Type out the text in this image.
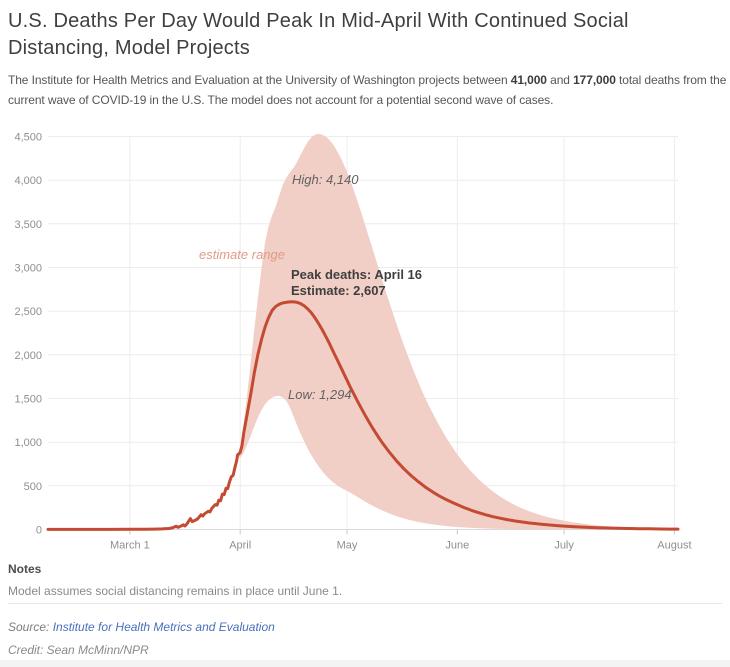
U.S. Deaths Per Day Would Peak In Mid-April With Continued Social Distancing, Model Projects

The Institute for Health Metrics and Evaluation at the University of Washington projects between 41,000 and 177,000 total deaths from the current wave of COVID-19 in the U.S. The model does not account for a potential second wave of cases.

0
500
1,000
1,500
2,000
2,500
3,000
3,500
4,000
4,500
March 1	April	May	June	July	August
High: 4,140
estimate range
Peak deaths: April 16
Estimate: 2,607
Low: 1,294
Notes
Model assumes social distancing remains in place until June 1.

Source: Institute for Health Metrics and Evaluation

Credit: Sean McMinn/NPR
